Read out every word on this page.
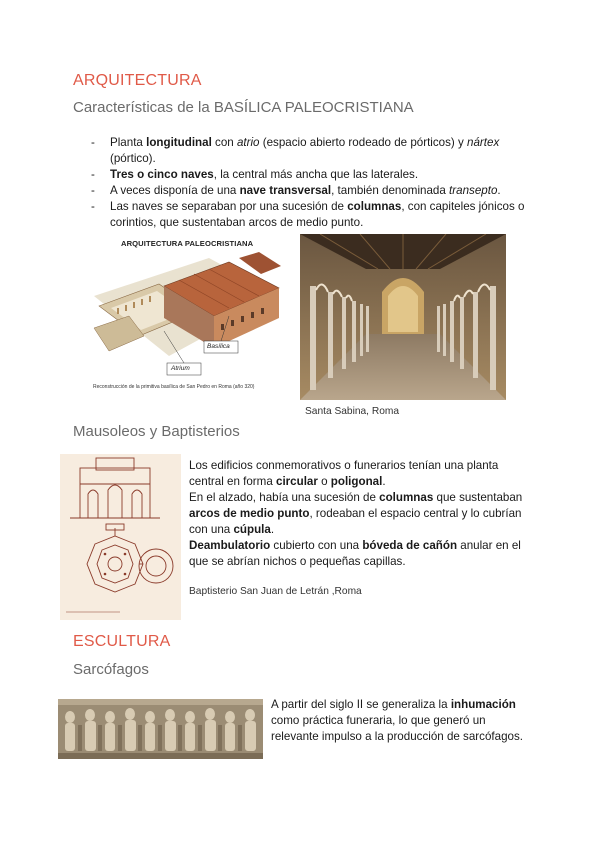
ARQUITECTURA
Características de la BASÍLICA PALEOCRISTIANA
- Planta longitudinal con atrio (espacio abierto rodeado de pórticos) y nártex (pórtico).
- Tres o cinco naves, la central más ancha que las laterales.
- A veces disponía de una nave transversal, también denominada transepto.
- Las naves se separaban por una sucesión de columnas, con capiteles jónicos o corintios, que sustentaban arcos de medio punto.
ARQUITECTURA PALEOCRISTIANA
Basílica
Atrium
Reconstrucción de la primitiva basílica de San Pedro en Roma (año 320)
Santa Sabina, Roma
Mausoleos y Baptisterios
Los edificios conmemorativos o funerarios tenían una planta central en forma circular o poligonal.
En el alzado, había una sucesión de columnas que sustentaban arcos de medio punto, rodeaban el espacio central y lo cubrían con una cúpula.
Deambulatorio cubierto con una bóveda de cañón anular en el que se abrían nichos o pequeñas capillas.
Baptisterio San Juan de Letrán ,Roma
ESCULTURA
Sarcófagos
A partir del siglo II se generaliza la inhumación como práctica funeraria, lo que generó un relevante impulso a la producción de sarcófagos.
